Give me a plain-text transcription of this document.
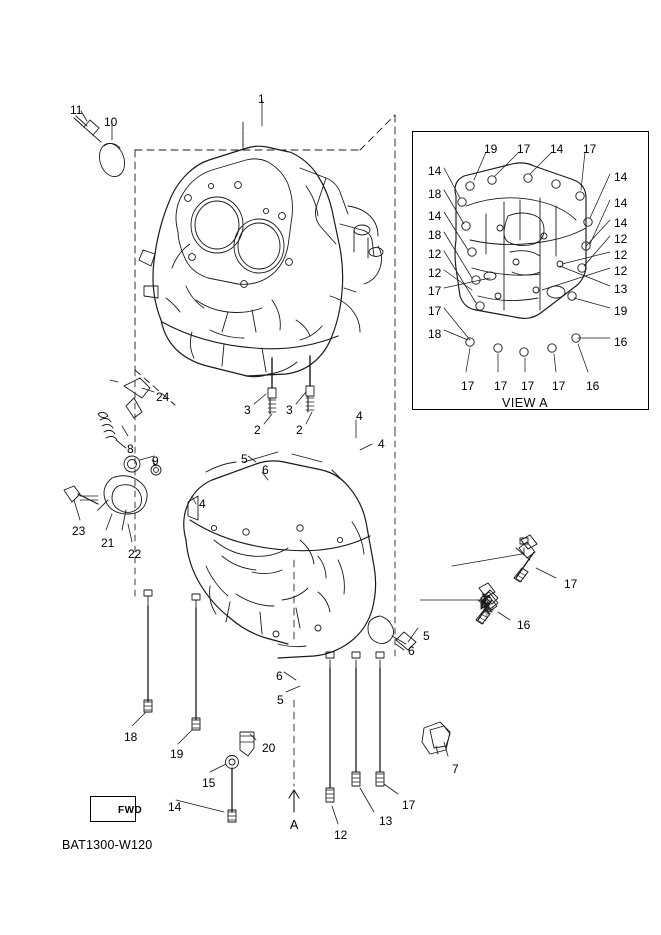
11
10
1
3
2
3
2
4
4
5
6
4
24
8
9
23
21
22
17
16
5
6
6
5
7
18
19	20
15
14	17
13
12
19 17 14 17
14	14
18
14
14	14
18	12
12	12
12	12
17	13
17	19
18
16
17 17 17 17 16
VIEW A
BAT1300-W120
FWD
A
